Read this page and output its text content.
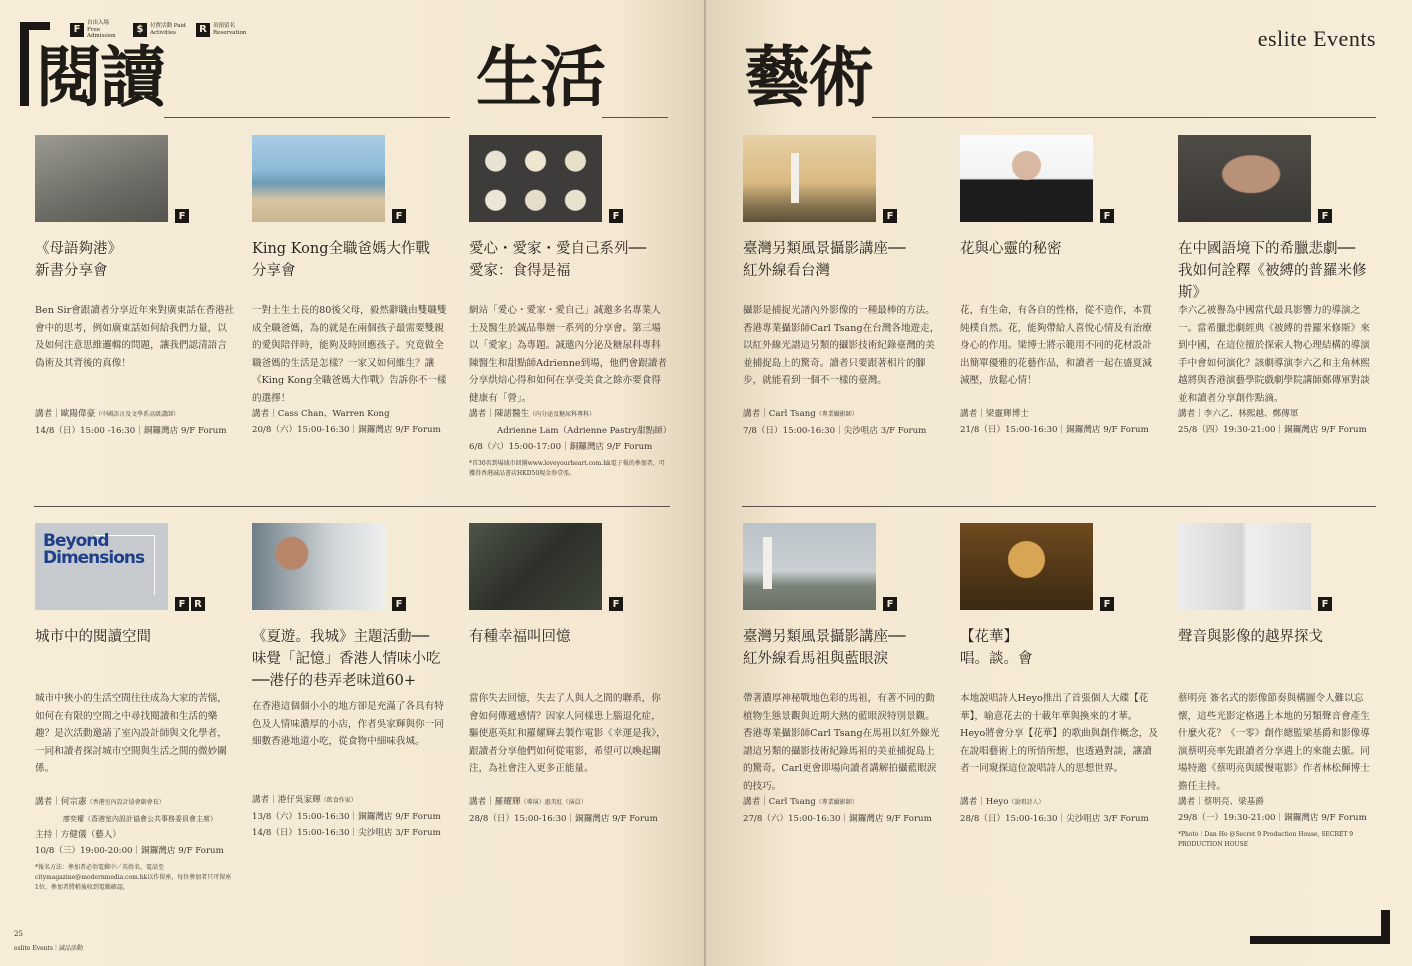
F
自由入場 Free Admission
$	付費活動 Paid Activities	R	須預留名 Reservation
閱讀	生活 藝術	eslite Events
F
《母語夠港》
新書分享會
Ben Sir會跟讀者分享近年來對廣東話在香港社會中的思考，例如廣東話如何給我們力量，以及如何注意思維邏輯的問題，讓我們認清語言偽術及其背後的真像！
講者｜歐陽偉豪（中國語言及文學系高級講師）
14/8（日）15:00 -16:30｜銅鑼灣店 9/F Forum
F
King Kong全職爸媽大作戰
分享會
一對土生土長的80後父母，毅然辭職由雙職雙成全職爸媽，為的就是在兩個孩子最需要雙親的愛與陪伴時，能夠及時回應孩子。究竟做全職爸媽的生活是怎樣？一家又如何維生？讓《King Kong全職爸媽大作戰》告訴你不一樣的選擇！
講者｜Cass Chan、Warren Kong
20/8（六）15:00-16:30｜銅鑼灣店 9/F Forum
F
愛心・愛家・愛自己系列──
愛家：食得是福
網站「愛心・愛家・愛自己」誠邀多名專業人士及醫生於誠品舉辦一系列的分享會。第三場以「愛家」為專題。誠邀內分泌及糖尿科專科陳醫生和甜點師Adrienne到場，他們會跟讀者分享烘焙心得和如何在享受美食之餘亦要食得健康有「營」。
講者｜陳諾醫生（內分泌及糖尿科專科）
Adrienne Lam（Adrienne Pastry甜點師）
6/8（六）15:00-17:00｜銅鑼灣店 9/F Forum
*首30名到場域市回團www.loveyourheart.com.hk電子報的參加者，可獲得香港誠品書店HKD50現金券壹張。
F
臺灣另類風景攝影講座──
紅外線看台灣
攝影是捕捉光譜內外影像的一種最棒的方法。香港專業攝影師Carl Tsang在台灣各地遊走，以紅外線光譜這另類的攝影技術紀錄臺灣的美並捕捉島上的驚奇。讀者只要跟著相片的腳步，就能看到一個不一樣的臺灣。
講者｜Carl Tsang（專業攝影師）
7/8（日）15:00-16:30｜尖沙咀店 3/F Forum
F
花與心靈的秘密
花，有生命，有各自的性格，從不造作，本質純樸自然。花，能夠帶給人喜悅心情及有治療身心的作用。梁博士將示範用不同的花材設計出簡單優雅的花藝作品，和讀者一起在盛夏減減壓，放鬆心情！
講者｜梁靈輝博士
21/8（日）15:00-16:30｜銅鑼灣店 9/F Forum
F
在中國語境下的希臘悲劇──
我如何詮釋《被縛的普羅米修斯》
李六乙被譽為中國當代最具影響力的導演之一。當希臘悲劇經典《被縛的普羅米修斯》來到中國，在這位擅於探索人物心理結構的導演手中會如何演化？該劇導演李六乙和主角林熙越將與香港演藝學院戲劇學院講師鄭傳軍對談並和讀者分享創作點滴。
講者｜李六乙、林熙越、鄭傳軍
25/8（四）19:30-21:00｜銅鑼灣店 9/F Forum
Beyond
Dimensions
F R
城市中的閱讀空間
城市中狹小的生活空間往往成為大家的苦惱，如何在有限的空間之中尋找閱讀和生活的樂趣？是次活動邀請了室內設計師與文化學者，一同和讀者探討城市空間與生活之間的微妙關係。
講者｜何宗憲（香港室內設計協會副會長）
廖奕權（香港室內設計協會公共事務委員會主席）
主持｜方健儀（藝人）
10/8（三）19:00-20:00｜銅鑼灣店 9/F Forum
*報名方法：參加者必須電郵中／英姓名、電話至citymagazine@modernmedia.com.hk以作留座，每位參加者只可留座1位，參加者將稍後收到電郵確認。
F
《夏遊。我城》主題活動──
味覺「記憶」香港人情味小吃──港仔的巷弄老味道60+
在香港這個個小小的地方卻是充滿了各具有特色及人情味濃厚的小店，作者吳家輝與你一同細數香港地道小吃，從食物中細味我城。
講者｜港仔吳家輝（飲食作家）
13/8（六）15:00-16:30｜銅鑼灣店 9/F Forum
14/8（日）15:00-16:30｜尖沙咀店 3/F Forum
F
有種幸福叫回憶
當你失去回憶，失去了人與人之間的聯系，你會如何傳遞感情？因家人同樣患上腦退化症，驅使惠英紅和羅耀輝去製作電影《幸運是我》，跟讀者分享他們如何從電影，希望可以喚起關注，為社會注入更多正能量。
講者｜羅耀輝（導演）惠英紅（演員）
28/8（日）15:00-16:30｜銅鑼灣店 9/F Forum
F
臺灣另類風景攝影講座──
紅外線看馬祖與藍眼淚
帶著濃厚神秘戰地色彩的馬祖，有著不同的動植物生態景觀與近期大熱的藍眼淚特別景觀。香港專業攝影師Carl Tsang在馬祖以紅外線光譜這另類的攝影技術紀錄馬祖的美並捕捉島上的驚奇。Carl更會即場向讀者講解拍攝藍眼淚的技巧。
講者｜Carl Tsang（專業攝影師）
27/8（六）15:00-16:30｜銅鑼灣店 9/F Forum
F
【花華】
唱。談。會
本地說唱詩人Heyo推出了首張個人大碟【花華】，喻意花去的十載年華與換來的才華。Heyo將會分享【花華】的歌曲與創作概念，及在說唱藝術上的所悟所想，也透過對談，讓讀者一同窺探這位說唱詩人的思想世界。
講者｜Heyo（說唱詩人）
28/8（日）15:00-16:30｜尖沙咀店 3/F Forum
F
聲音與影像的越界探戈
蔡明亮 簽名式的影像節奏與構圖令人難以忘懷，這些光影定格遇上本地的另類聲音會產生什麼火花？《一零》創作總監梁基爵和影像導演蔡明亮率先跟讀者分享遇上的來龍去脈。同場特邀《蔡明亮與緩慢電影》作者林松輝博士擔任主持。
講者｜蔡明亮、梁基爵
29/8（一）19:30-21:00｜銅鑼灣店 9/F Forum
*Photo｜Dan Ho @Secret 9 Production House, SECRET 9 PRODUCTION HOUSE
25
eslite Events｜誠品活動
